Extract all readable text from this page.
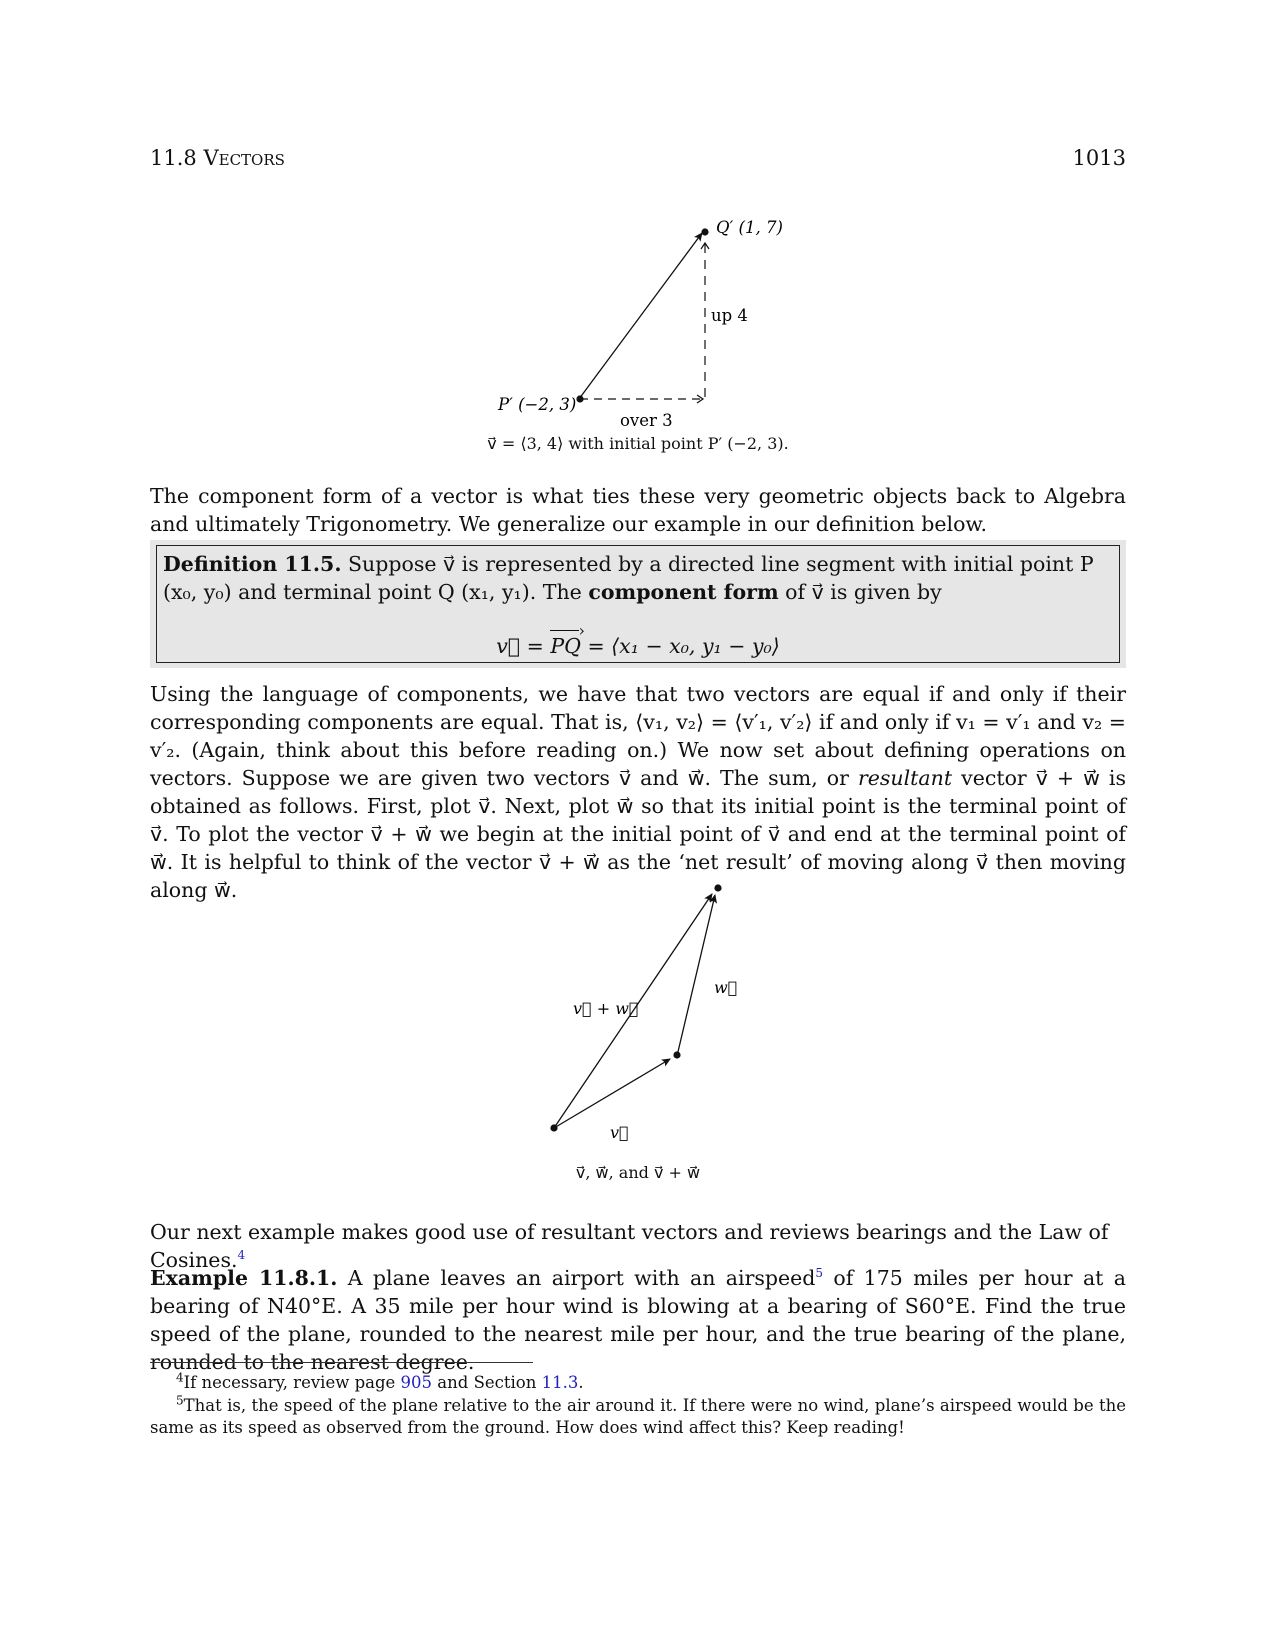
11.8 Vectors	1013
Q′ (1, 7)
P′ (−2, 3)
up 4
over 3
v⃗ = ⟨3, 4⟩ with initial point P′ (−2, 3).
The component form of a vector is what ties these very geometric objects back to Algebra and ultimately Trigonometry. We generalize our example in our definition below.
Definition 11.5. Suppose v⃗ is represented by a directed line segment with initial point P (x₀, y₀) and terminal point Q (x₁, y₁). The component form of v⃗ is given by
v⃗ = PQ › = ⟨x₁ − x₀, y₁ − y₀⟩
Using the language of components, we have that two vectors are equal if and only if their corresponding components are equal. That is, ⟨v₁, v₂⟩ = ⟨v′₁, v′₂⟩ if and only if v₁ = v′₁ and v₂ = v′₂. (Again, think about this before reading on.) We now set about defining operations on vectors. Suppose we are given two vectors v⃗ and w⃗. The sum, or resultant vector v⃗ + w⃗ is obtained as follows. First, plot v⃗. Next, plot w⃗ so that its initial point is the terminal point of v⃗. To plot the vector v⃗ + w⃗ we begin at the initial point of v⃗ and end at the terminal point of w⃗. It is helpful to think of the vector v⃗ + w⃗ as the ‘net result’ of moving along v⃗ then moving along w⃗.
v⃗
w⃗
v⃗ + w⃗
v⃗, w⃗, and v⃗ + w⃗
Our next example makes good use of resultant vectors and reviews bearings and the Law of Cosines.$^4$
Example 11.8.1. A plane leaves an airport with an airspeed$^5$ of 175 miles per hour at a bearing of N40°E. A 35 mile per hour wind is blowing at a bearing of S60°E. Find the true speed of the plane, rounded to the nearest mile per hour, and the true bearing of the plane, rounded to the nearest degree.
$^4$If necessary, review page 905 and Section 11.3.
$^5$That is, the speed of the plane relative to the air around it. If there were no wind, plane’s airspeed would be the same as its speed as observed from the ground. How does wind affect this? Keep reading!
